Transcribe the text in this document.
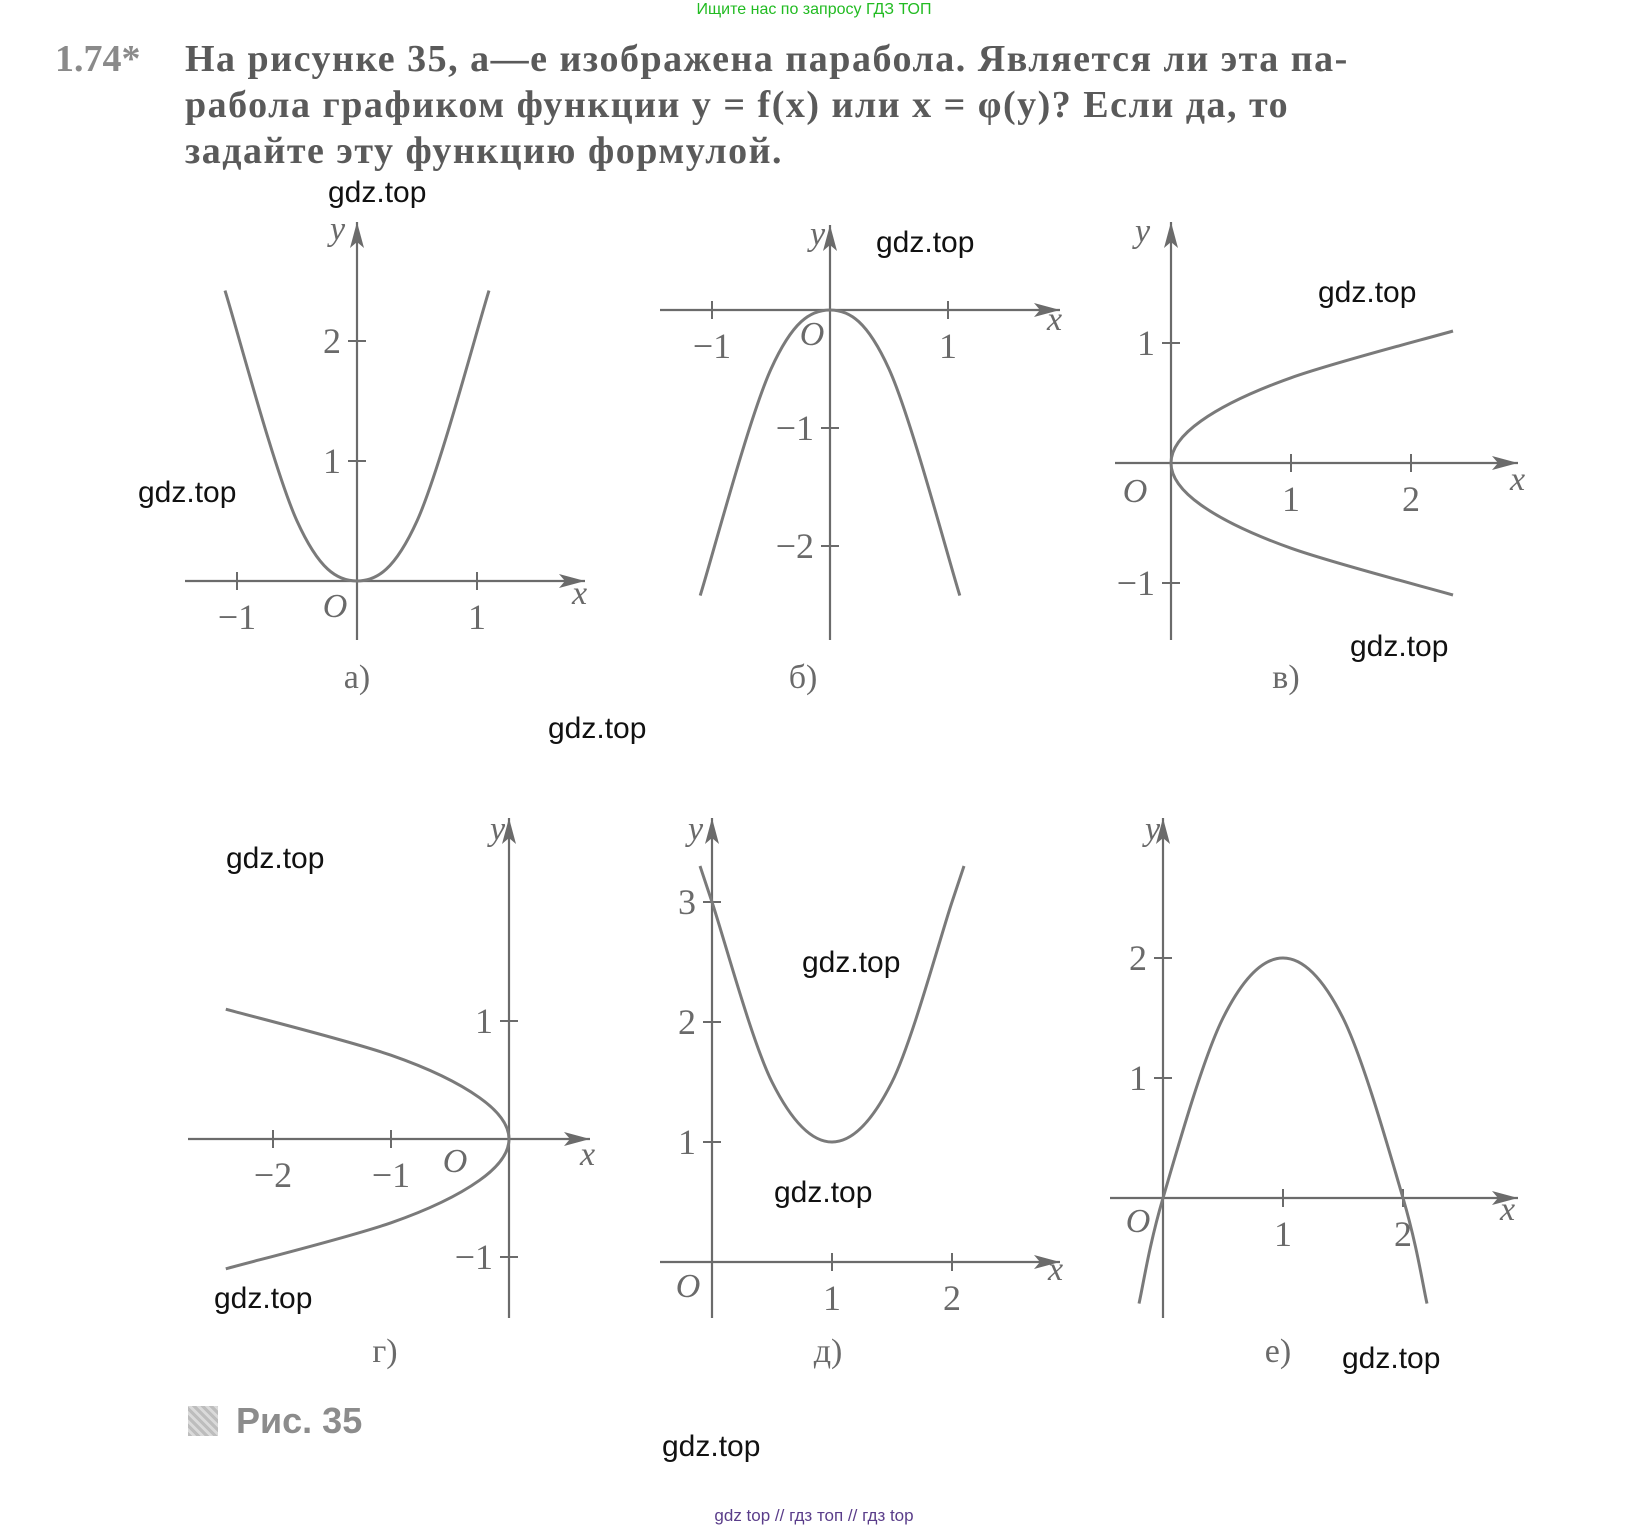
Ищите нас по запросу ГДЗ ТОП
1.74* На рисунке 35, а—е изображена парабола. Является ли эта па-
рабола графиком функции y = f(x) или x = φ(y)? Если да, то
задайте эту функцию формулой.
−1	1
1
2
x
y
O
а)
−1	1
−1
−2
x
y
O
б)
1	2
1
−1
x
y
O
в)
−2 −1
1
−1
x
y
O
г)
1	2
1
2
3
x
y
O
д)
1	2
1
2
x
y
O
е)
gdz.top
gdz.top
gdz.top
gdz.top
gdz.top
gdz.top
gdz.top
gdz.top
gdz.top
gdz.top
gdz.top
gdz.top
Рис. 35
gdz top // гдз топ // гдз top
